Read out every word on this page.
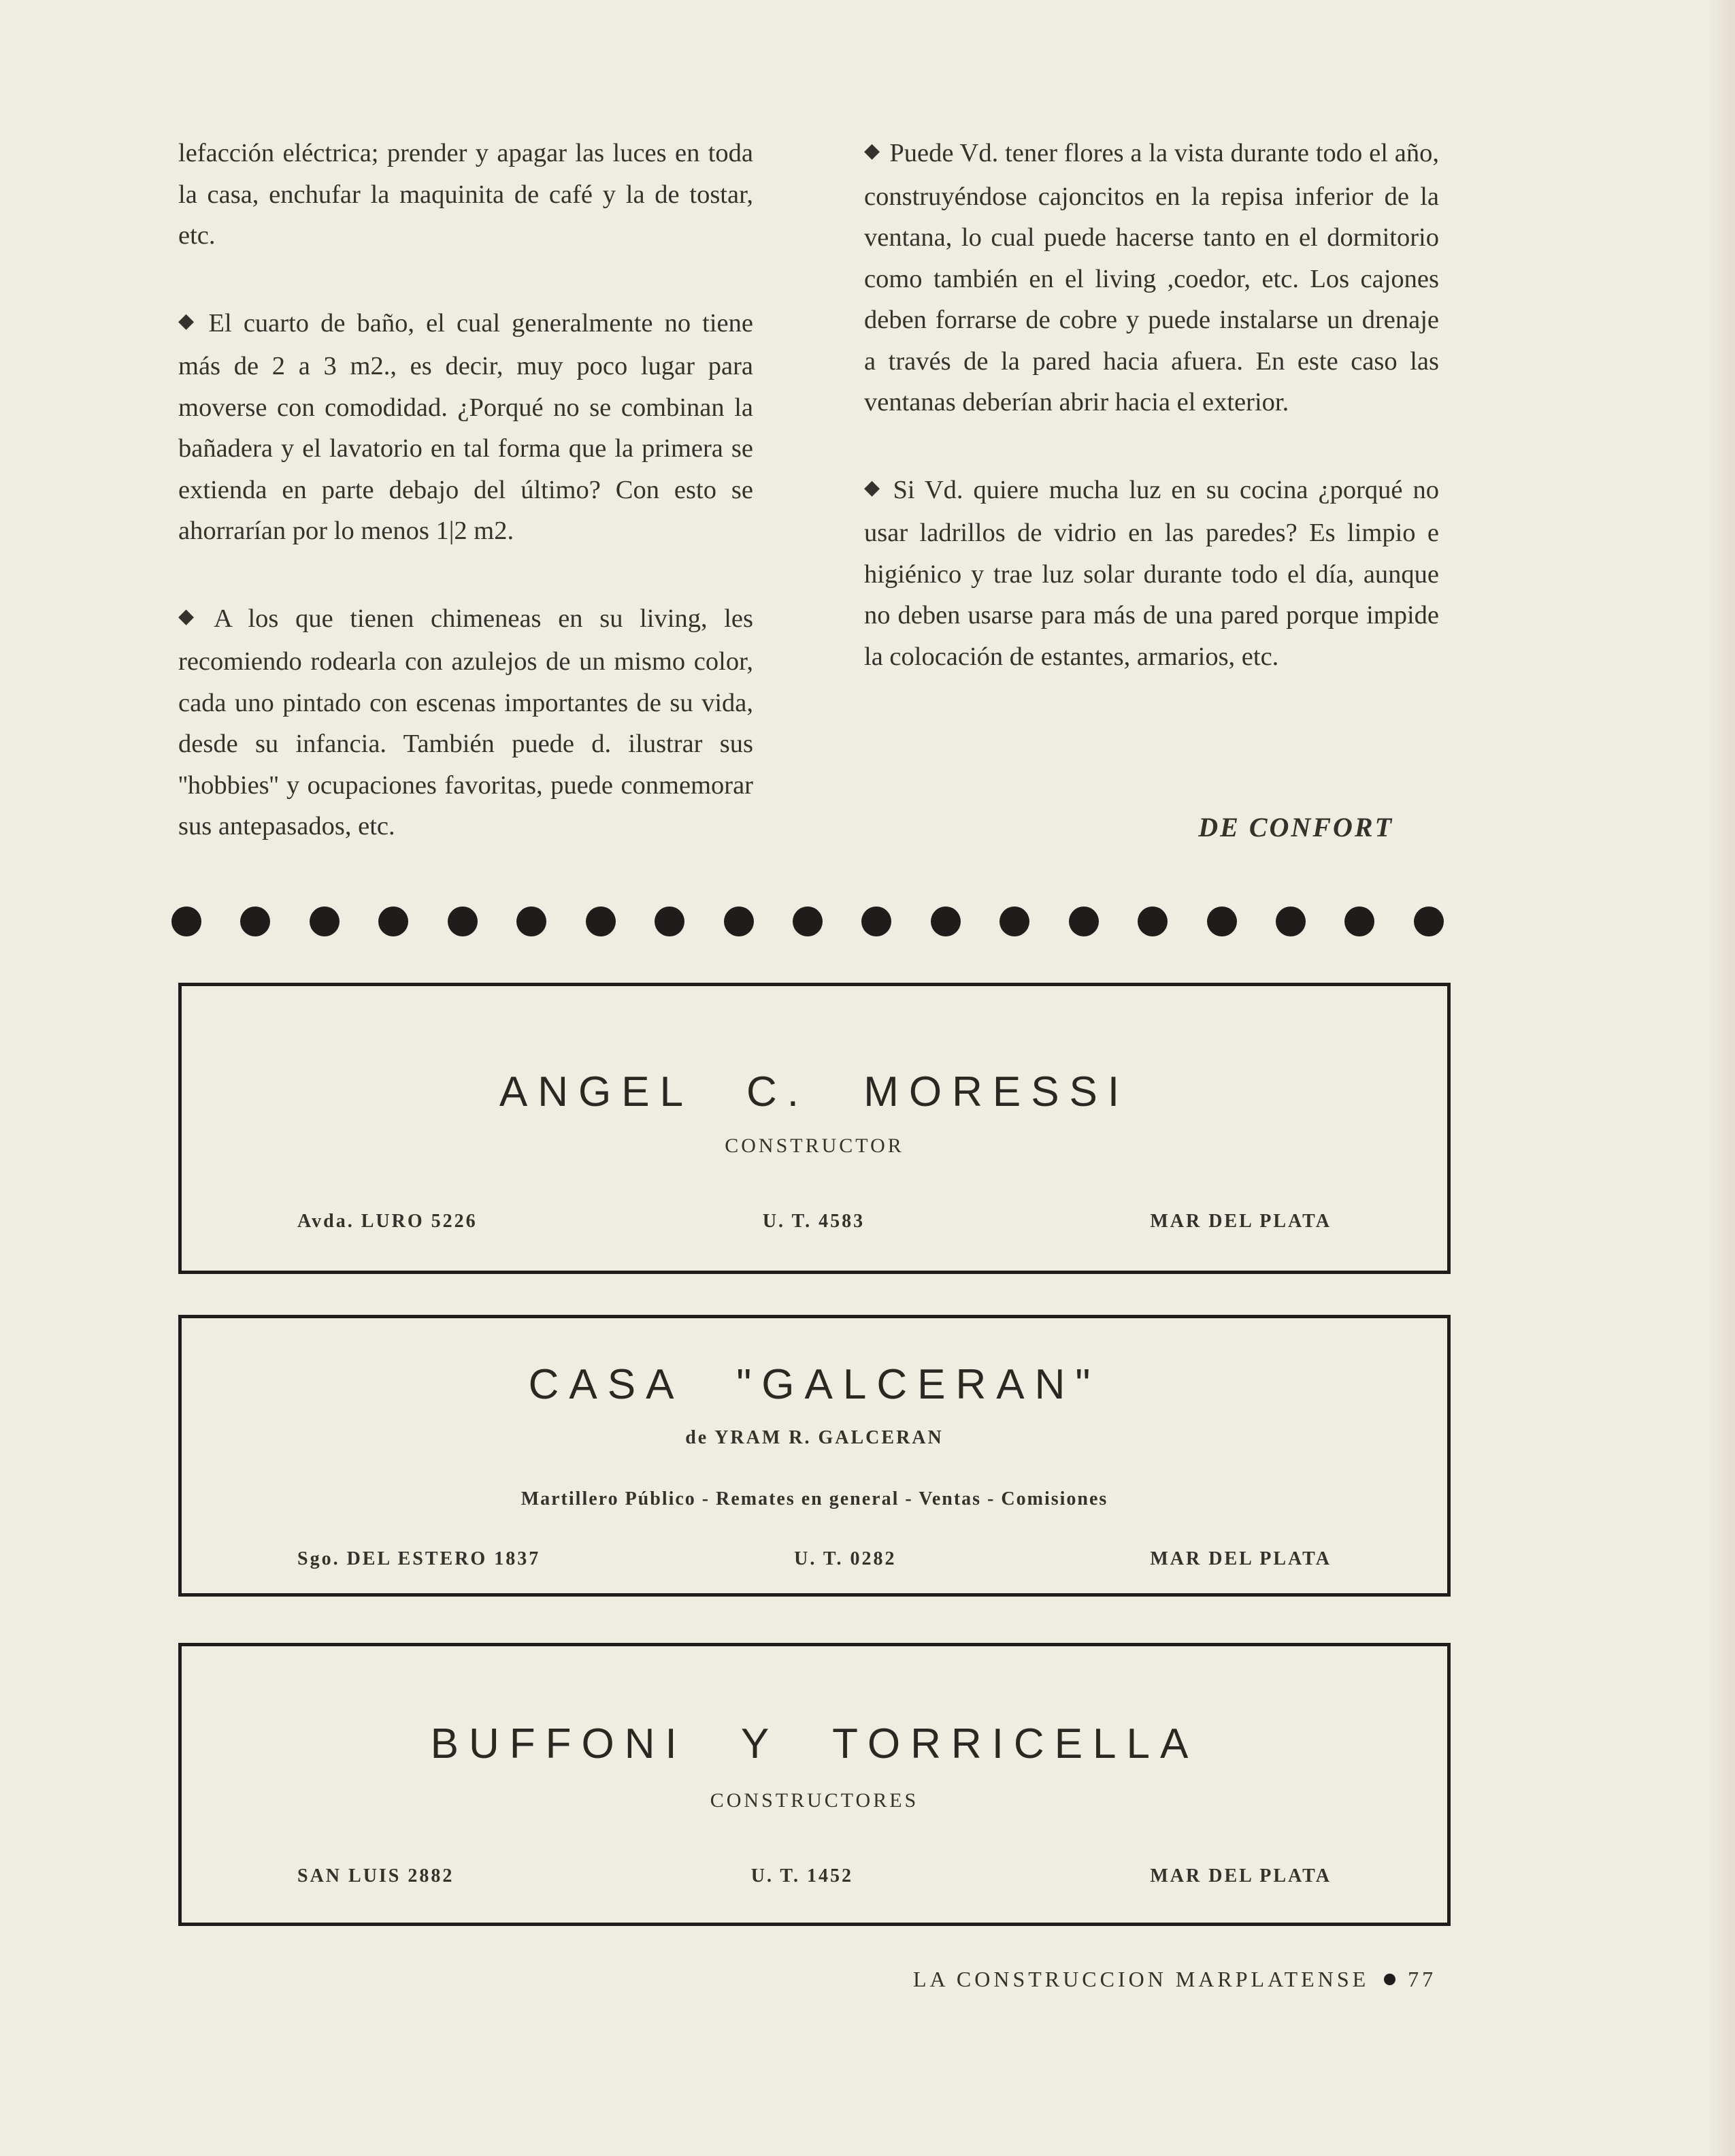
lefacción eléctrica; prender y apagar las luces en toda la casa, enchufar la maquinita de café y la de tostar, etc.

◆ El cuarto de baño, el cual generalmente no tiene más de 2 a 3 m2., es decir, muy poco lugar para moverse con comodidad. ¿Porqué no se combinan la bañadera y el lavatorio en tal forma que la primera se extienda en parte debajo del último? Con esto se ahorrarían por lo menos 1|2 m2.

◆ A los que tienen chimeneas en su living, les recomiendo rodearla con azulejos de un mismo color, cada uno pintado con escenas importantes de su vida, desde su infancia. También puede d. ilustrar sus ''hobbies'' y ocupaciones favoritas, puede conmemorar sus antepasados, etc.

◆ Puede Vd. tener flores a la vista durante todo el año, construyéndose cajoncitos en la repisa inferior de la ventana, lo cual puede hacerse tanto en el dormitorio como también en el living ,coedor, etc. Los cajones deben forrarse de cobre y puede instalarse un drenaje a través de la pared hacia afuera. En este caso las ventanas deberían abrir hacia el exterior.

◆ Si Vd. quiere mucha luz en su cocina ¿porqué no usar ladrillos de vidrio en las paredes? Es limpio e higiénico y trae luz solar durante todo el día, aunque no deben usarse para más de una pared porque impide la colocación de estantes, armarios, etc.

DE CONFORT
ANGEL C. MORESSI
CONSTRUCTOR
Avda. LURO 5226	U. T. 4583	MAR DEL PLATA
CASA "GALCERAN"
de YRAM R. GALCERAN
Martillero Público - Remates en general - Ventas - Comisiones
Sgo. DEL ESTERO 1837	U. T. 0282	MAR DEL PLATA
BUFFONI Y TORRICELLA
CONSTRUCTORES
SAN LUIS 2882	U. T. 1452	MAR DEL PLATA
LA CONSTRUCCION MARPLATENSE 77
